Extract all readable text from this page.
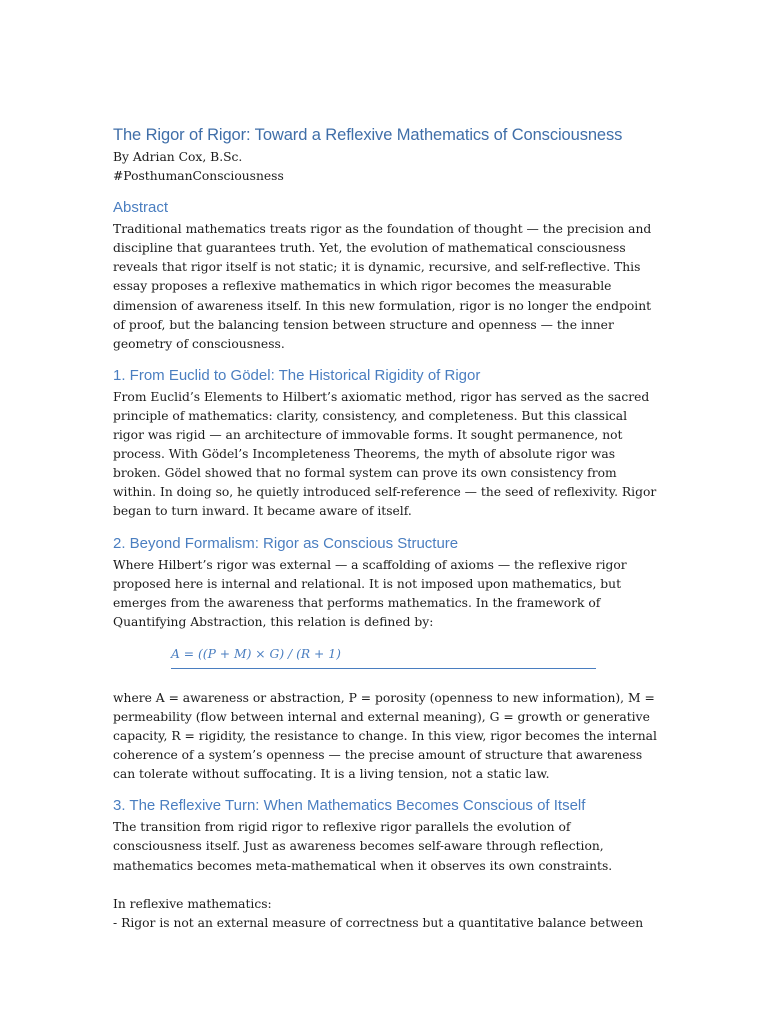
The Rigor of Rigor: Toward a Reflexive Mathematics of Consciousness

By Adrian Cox, B.Sc.

#PosthumanConsciousness

Abstract

Traditional mathematics treats rigor as the foundation of thought — the precision and discipline that guarantees truth. Yet, the evolution of mathematical consciousness reveals that rigor itself is not static; it is dynamic, recursive, and self-reflective. This essay proposes a reflexive mathematics in which rigor becomes the measurable dimension of awareness itself. In this new formulation, rigor is no longer the endpoint of proof, but the balancing tension between structure and openness — the inner geometry of consciousness.

1. From Euclid to Gödel: The Historical Rigidity of Rigor

From Euclid’s Elements to Hilbert’s axiomatic method, rigor has served as the sacred principle of mathematics: clarity, consistency, and completeness. But this classical rigor was rigid — an architecture of immovable forms. It sought permanence, not process. With Gödel’s Incompleteness Theorems, the myth of absolute rigor was broken. Gödel showed that no formal system can prove its own consistency from within. In doing so, he quietly introduced self-reference — the seed of reflexivity. Rigor began to turn inward. It became aware of itself.

2. Beyond Formalism: Rigor as Conscious Structure

Where Hilbert’s rigor was external — a scaffolding of axioms — the reflexive rigor proposed here is internal and relational. It is not imposed upon mathematics, but emerges from the awareness that performs mathematics. In the framework of Quantifying Abstraction, this relation is defined by:

A = ((P + M) × G) / (R + 1)

where A = awareness or abstraction, P = porosity (openness to new information), M = permeability (flow between internal and external meaning), G = growth or generative capacity, R = rigidity, the resistance to change. In this view, rigor becomes the internal coherence of a system’s openness — the precise amount of structure that awareness can tolerate without suffocating. It is a living tension, not a static law.

3. The Reflexive Turn: When Mathematics Becomes Conscious of Itself

The transition from rigid rigor to reflexive rigor parallels the evolution of consciousness itself. Just as awareness becomes self-aware through reflection, mathematics becomes meta-mathematical when it observes its own constraints.

In reflexive mathematics:

- Rigor is not an external measure of correctness but a quantitative balance between
